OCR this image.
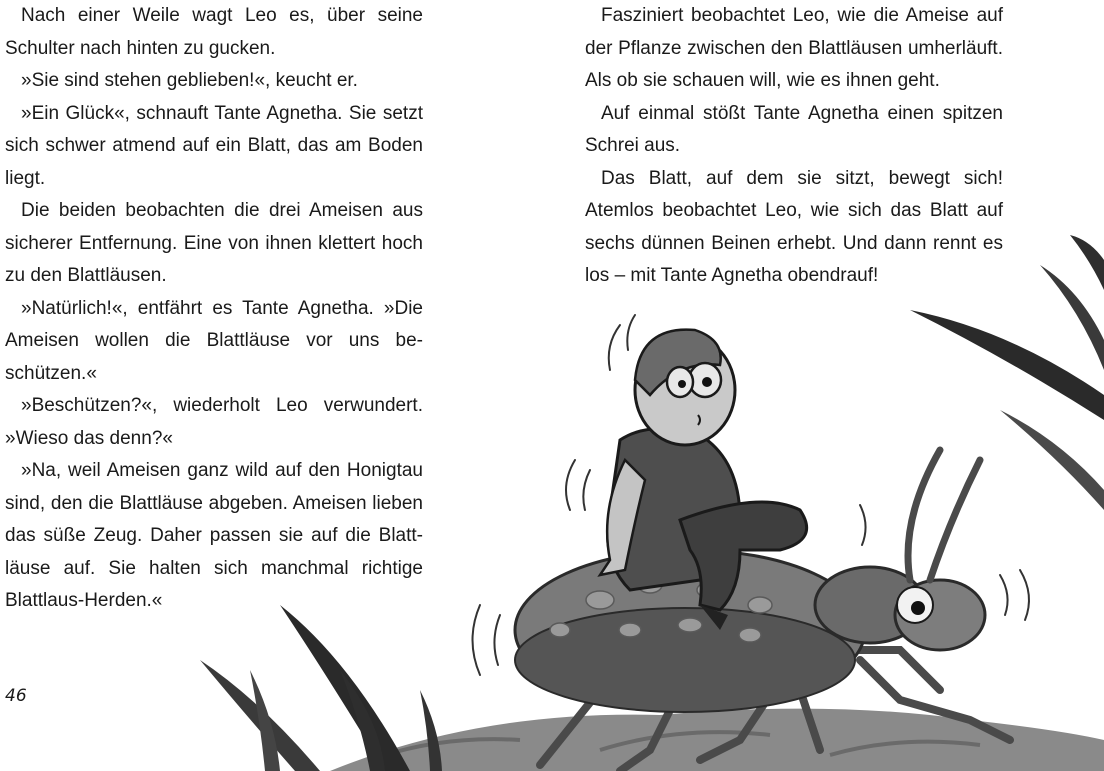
Nach einer Weile wagt Leo es, über seine Schulter nach hinten zu gucken.

»Sie sind stehen geblieben!«, keucht er.

»Ein Glück«, schnauft Tante Agnetha. Sie setzt sich schwer atmend auf ein Blatt, das am Boden liegt.

Die beiden beobachten die drei Ameisen aus sicherer Entfernung. Eine von ihnen klettert hoch zu den Blattläusen.

»Natürlich!«, entfährt es Tante Agnetha. »Die Ameisen wollen die Blattläuse vor uns beschützen.«

»Beschützen?«, wiederholt Leo verwundert. »Wieso das denn?«

»Na, weil Ameisen ganz wild auf den Honigtau sind, den die Blattläuse abgeben. Ameisen lieben das süße Zeug. Daher passen sie auf die Blattläuse auf. Sie halten sich manchmal richtige Blattlaus-Herden.«

Fasziniert beobachtet Leo, wie die Ameise auf der Pflanze zwischen den Blattläusen umherläuft. Als ob sie schauen will, wie es ihnen geht.

Auf einmal stößt Tante Agnetha einen spitzen Schrei aus.

Das Blatt, auf dem sie sitzt, bewegt sich! Atemlos beobachtet Leo, wie sich das Blatt auf sechs dünnen Beinen erhebt. Und dann rennt es los – mit Tante Agnetha obendrauf!

46
